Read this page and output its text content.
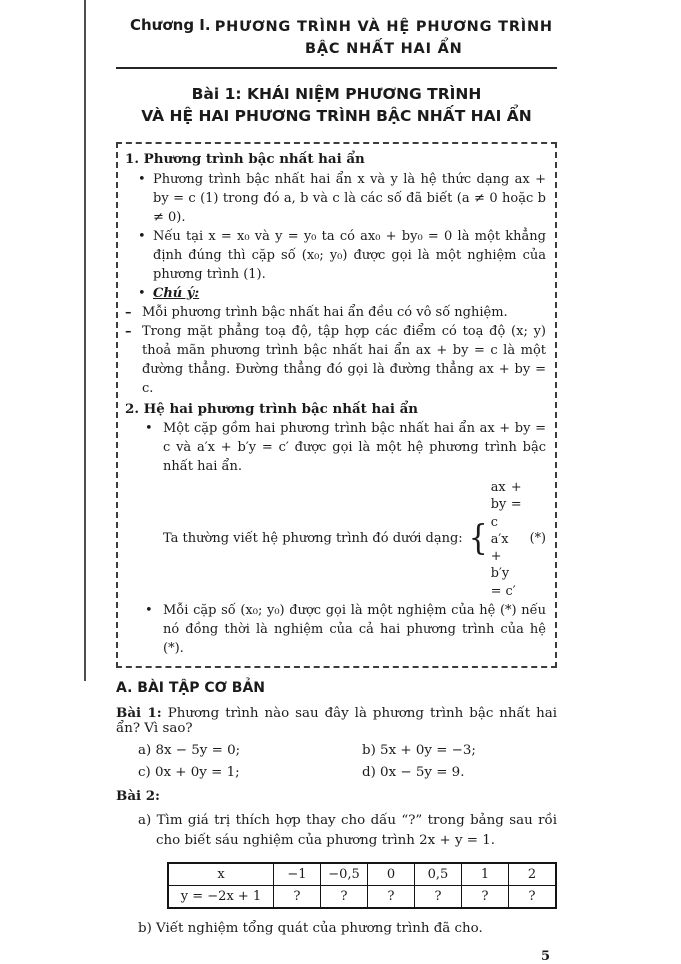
Chương I. PHƯƠNG TRÌNH VÀ HỆ PHƯƠNG TRÌNH
BẬC NHẤT HAI ẨN
Bài 1: KHÁI NIỆM PHƯƠNG TRÌNH
VÀ HỆ HAI PHƯƠNG TRÌNH BẬC NHẤT HAI ẨN
1. Phương trình bậc nhất hai ẩn
• Phương trình bậc nhất hai ẩn x và y là hệ thức dạng ax + by = c (1) trong đó a, b và c là các số đã biết (a ≠ 0 hoặc b ≠ 0).
• Nếu tại x = x₀ và y = y₀ ta có ax₀ + by₀ = 0 là một khẳng định đúng thì cặp số (x₀; y₀) được gọi là một nghiệm của phương trình (1).
• Chú ý:
– Mỗi phương trình bậc nhất hai ẩn đều có vô số nghiệm.
– Trong mặt phẳng toạ độ, tập hợp các điểm có toạ độ (x; y) thoả mãn phương trình bậc nhất hai ẩn ax + by = c là một đường thẳng. Đường thẳng đó gọi là đường thẳng ax + by = c.
2. Hệ hai phương trình bậc nhất hai ẩn
• Một cặp gồm hai phương trình bậc nhất hai ẩn ax + by = c và a′x + b′y = c′ được gọi là một hệ phương trình bậc nhất hai ẩn.
Ta thường viết hệ phương trình đó dưới dạng: {
ax + by = c
a′x + b′y = c′
(*)
• Mỗi cặp số (x₀; y₀) được gọi là một nghiệm của hệ (*) nếu nó đồng thời là nghiệm của cả hai phương trình của hệ (*).
A. BÀI TẬP CƠ BẢN

Bài 1: Phương trình nào sau đây là phương trình bậc nhất hai ẩn? Vì sao?

a) 8x − 5y = 0;	b) 5x + 0y = −3;
c) 0x + 0y = 1;	d) 0x − 5y = 9.
Bài 2:

a) Tìm giá trị thích hợp thay cho dấu “?” trong bảng sau rồi cho biết sáu nghiệm của phương trình 2x + y = 1.

x	−1	−0,5	0	0,5	1	2
y = −2x + 1	?	?	?	?	?	?

b) Viết nghiệm tổng quát của phương trình đã cho.

5
